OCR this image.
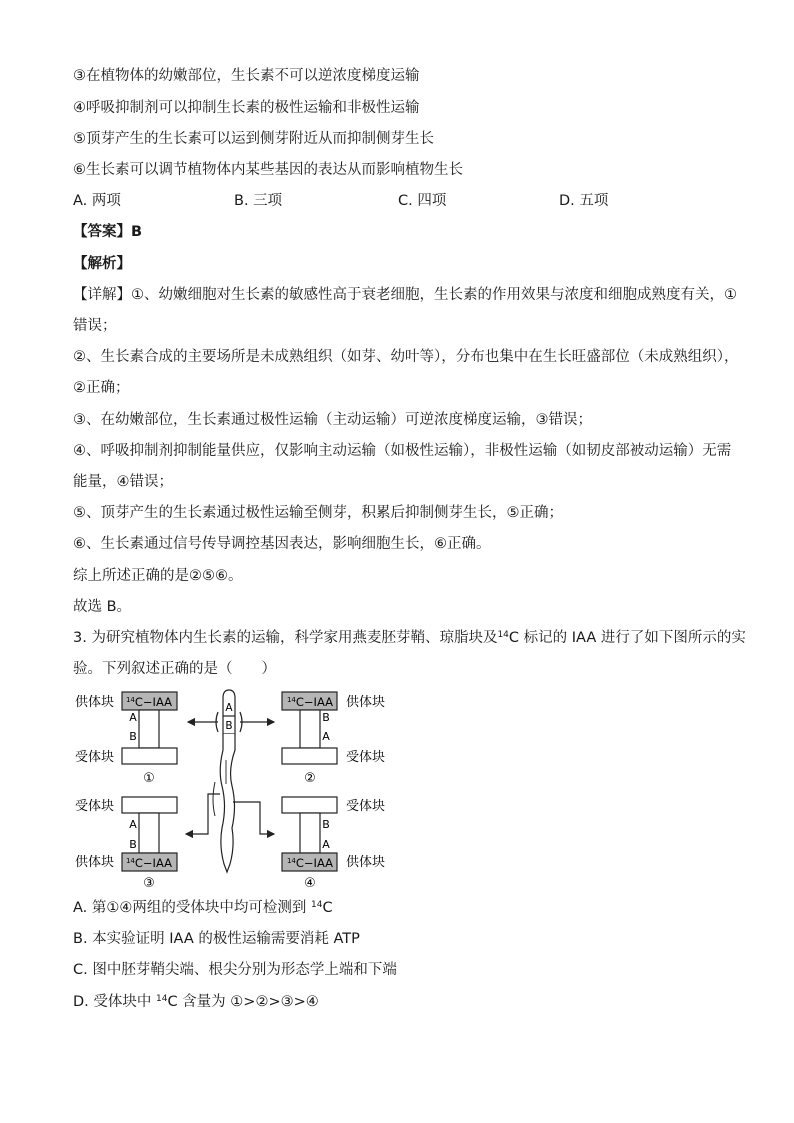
③在植物体的幼嫩部位，生长素不可以逆浓度梯度运输
④呼吸抑制剂可以抑制生长素的极性运输和非极性运输
⑤顶芽产生的生长素可以运到侧芽附近从而抑制侧芽生长
⑥生长素可以调节植物体内某些基因的表达从而影响植物生长
A. 两项	B. 三项	C. 四项	D. 五项
【答案】B
【解析】
【详解】①、幼嫩细胞对生长素的敏感性高于衰老细胞，生长素的作用效果与浓度和细胞成熟度有关，①
错误；
②、生长素合成的主要场所是未成熟组织（如芽、幼叶等），分布也集中在生长旺盛部位（未成熟组织），
②正确；
③、在幼嫩部位，生长素通过极性运输（主动运输）可逆浓度梯度运输，③错误；
④、呼吸抑制剂抑制能量供应，仅影响主动运输（如极性运输），非极性运输（如韧皮部被动运输）无需
能量，④错误；
⑤、顶芽产生的生长素通过极性运输至侧芽，积累后抑制侧芽生长，⑤正确；
⑥、生长素通过信号传导调控基因表达，影响细胞生长，⑥正确。
综上所述正确的是②⑤⑥。
故选 B。
3. 为研究植物体内生长素的运输，科学家用燕麦胚芽鞘、琼脂块及$^{14}$C 标记的 IAA 进行了如下图所示的实
验。下列叙述正确的是（　　）
供体块 $^{14}$C−IAA
A
B
受体块
①
$^{14}$C−IAA 供体块
B
A
受体块
②
受体块
A
B
$^{14}$C−IAA
供体块
③
受体块
B
A
$^{14}$C−IAA 供体块
④
A
B
A. 第①④两组的受体块中均可检测到 $^{14}$C
B. 本实验证明 IAA 的极性运输需要消耗 ATP
C. 图中胚芽鞘尖端、根尖分别为形态学上端和下端
D. 受体块中 $^{14}$C 含量为 ①>②>③>④
